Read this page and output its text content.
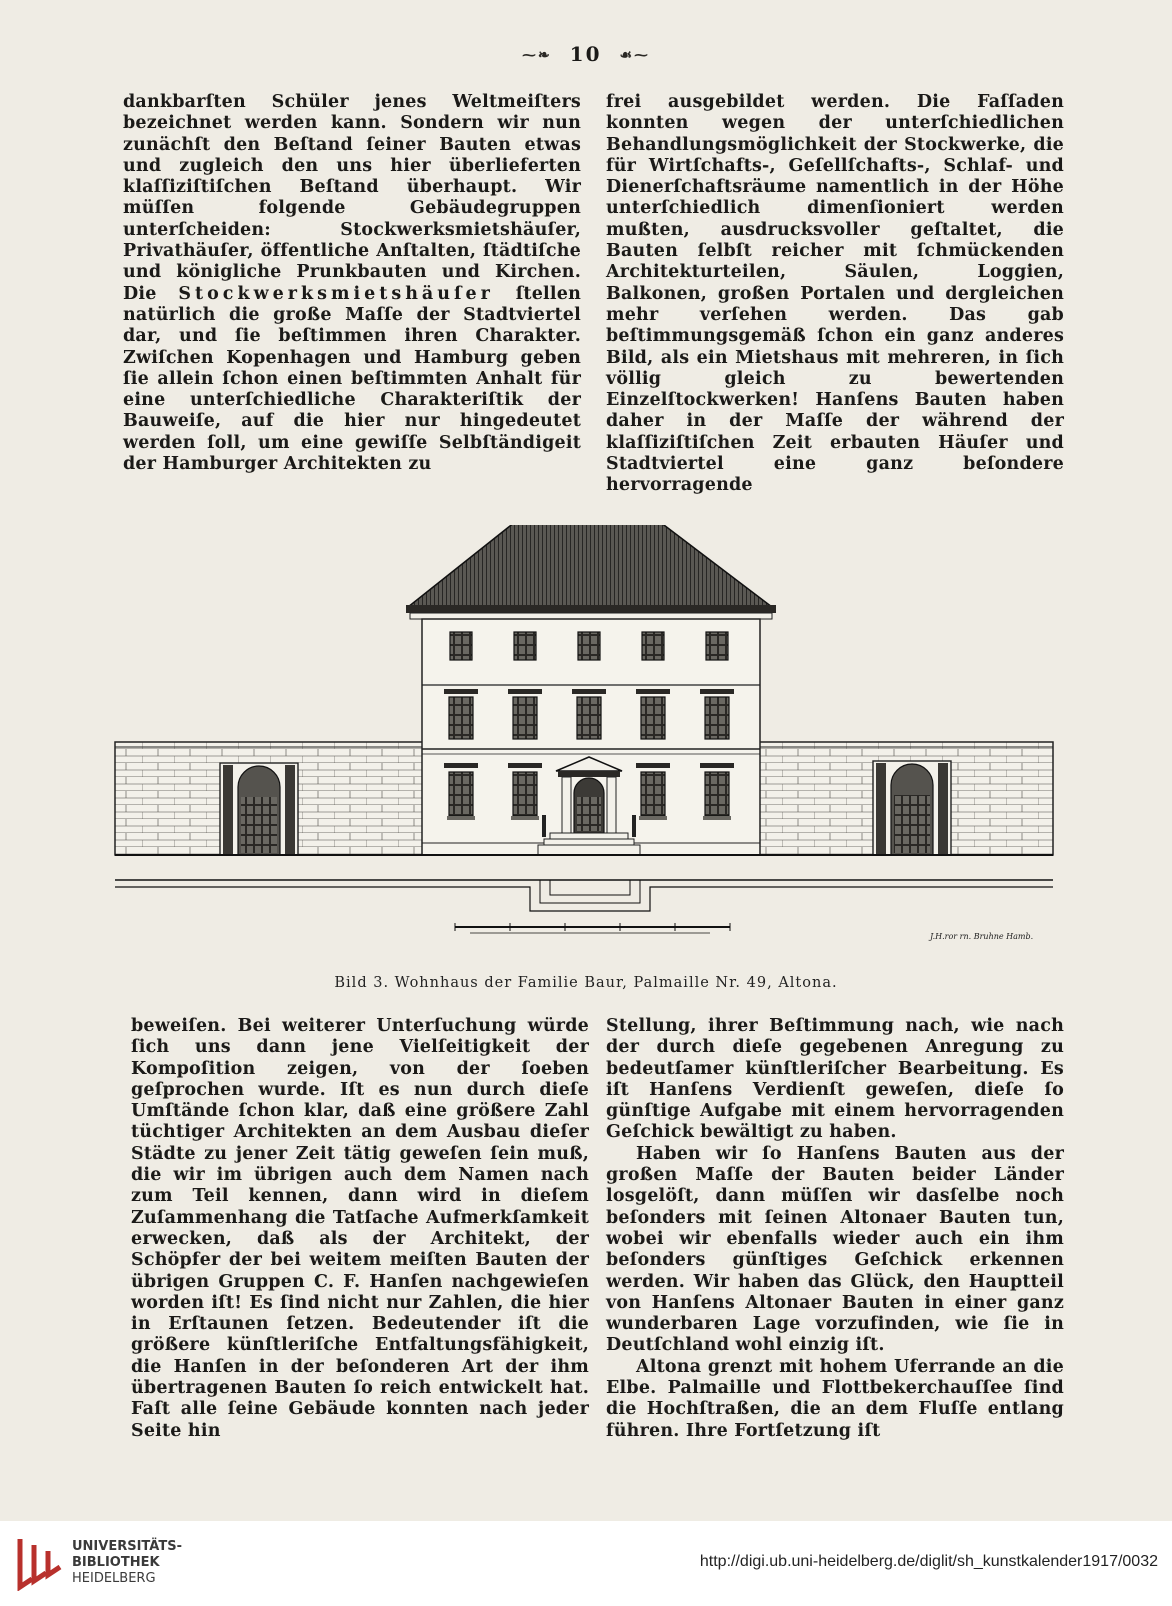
⁓❧ 10 ☙⁓

dankbarſten Schüler jenes Weltmeiſters bezeichnet werden kann. Sondern wir nun zunächſt den Beſtand ſeiner Bauten etwas und zugleich den uns hier überlieferten klaſſiziſtiſchen Beſtand überhaupt. Wir müſſen folgende Gebäudegruppen unterſcheiden: Stockwerksmietshäuſer, Privathäuſer, öffentliche Anſtalten, ſtädtiſche und königliche Prunkbauten und Kirchen. Die Stockwerksmietshäuſer ſtellen natürlich die große Maſſe der Stadtviertel dar, und ſie beſtimmen ihren Charakter. Zwiſchen Kopenhagen und Hamburg geben ſie allein ſchon einen beſtimmten Anhalt für eine unterſchiedliche Charakteriſtik der Bauweiſe, auf die hier nur hingedeutet werden ſoll, um eine gewiſſe Selbſtändigeit der Hamburger Architekten zu

frei ausgebildet werden. Die Faſſaden konnten wegen der unterſchiedlichen Behandlungsmöglichkeit der Stockwerke, die für Wirtſchafts-, Geſellſchafts-, Schlaf- und Dienerſchaftsräume namentlich in der Höhe unterſchiedlich dimenſioniert werden mußten, ausdrucksvoller geſtaltet, die Bauten ſelbſt reicher mit ſchmückenden Architekturteilen, Säulen, Loggien, Balkonen, großen Portalen und dergleichen mehr verſehen werden. Das gab beſtimmungsgemäß ſchon ein ganz anderes Bild, als ein Mietshaus mit mehreren, in ſich völlig gleich zu bewertenden Einzelſtockwerken! Hanſens Bauten haben daher in der Maſſe der während der klaſſiziſtiſchen Zeit erbauten Häuſer und Stadtviertel eine ganz beſondere hervorragende

J.H.ror rn. Bruhne Hamb.
Bild 3. Wohnhaus der Familie Baur, Palmaille Nr. 49, Altona.

beweiſen. Bei weiterer Unterſuchung würde ſich uns dann jene Vielſeitigkeit der Kompoſition zeigen, von der ſoeben geſprochen wurde. Iſt es nun durch dieſe Umſtände ſchon klar, daß eine größere Zahl tüchtiger Architekten an dem Ausbau dieſer Städte zu jener Zeit tätig geweſen ſein muß, die wir im übrigen auch dem Namen nach zum Teil kennen, dann wird in dieſem Zuſammenhang die Tatſache Aufmerkſamkeit erwecken, daß als der Architekt, der Schöpfer der bei weitem meiſten Bauten der übrigen Gruppen C. F. Hanſen nachgewieſen worden iſt! Es ſind nicht nur Zahlen, die hier in Erſtaunen ſetzen. Bedeutender iſt die größere künſtleriſche Entfaltungsfähigkeit, die Hanſen in der beſonderen Art der ihm übertragenen Bauten ſo reich entwickelt hat. Faſt alle ſeine Gebäude konnten nach jeder Seite hin

Stellung, ihrer Beſtimmung nach, wie nach der durch dieſe gegebenen Anregung zu bedeutſamer künſtleriſcher Bearbeitung. Es iſt Hanſens Verdienſt geweſen, dieſe ſo günſtige Aufgabe mit einem hervorragenden Geſchick bewältigt zu haben.

Haben wir ſo Hanſens Bauten aus der großen Maſſe der Bauten beider Länder losgelöſt, dann müſſen wir dasſelbe noch beſonders mit ſeinen Altonaer Bauten tun, wobei wir ebenfalls wieder auch ein ihm beſonders günſtiges Geſchick erkennen werden. Wir haben das Glück, den Hauptteil von Hanſens Altonaer Bauten in einer ganz wunderbaren Lage vorzufinden, wie ſie in Deutſchland wohl einzig iſt.

Altona grenzt mit hohem Uferrande an die Elbe. Palmaille und Flottbekerchauſſee ſind die Hochſtraßen, die an dem Fluſſe entlang führen. Ihre Fortſetzung iſt

UNIVERSITÄTS-
BIBLIOTHEK
HEIDELBERG
http://digi.ub.uni-heidelberg.de/diglit/sh_kunstkalender1917/0032
